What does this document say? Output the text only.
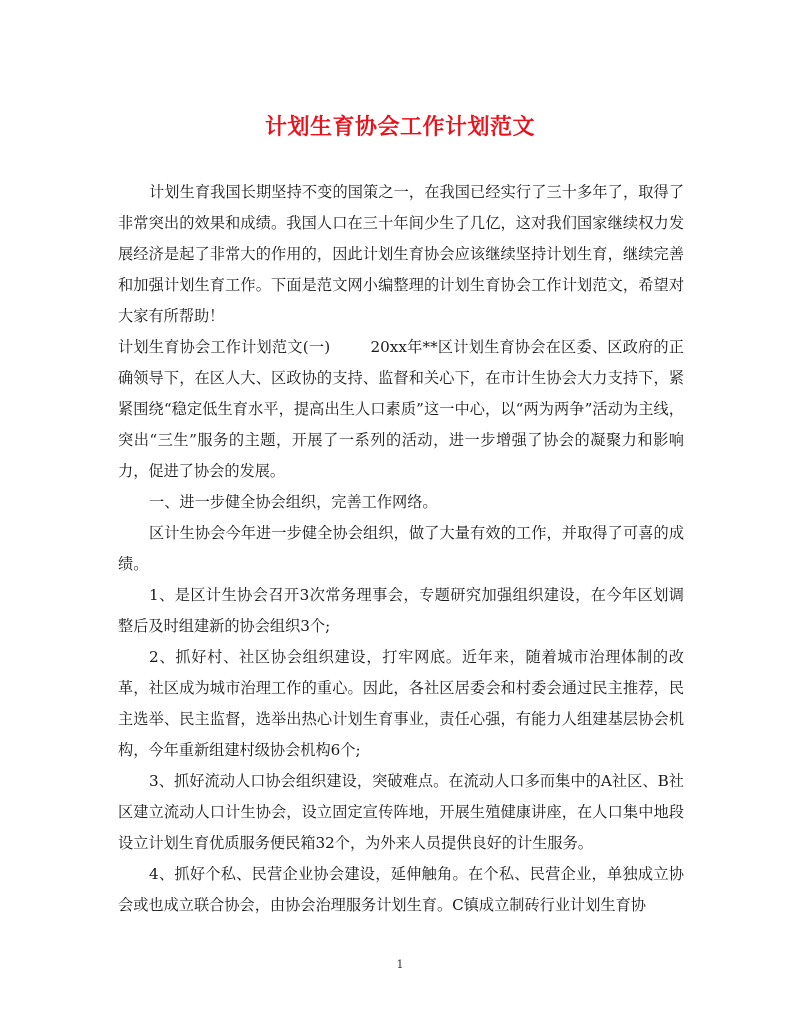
计划生育协会工作计划范文

计划生育我国长期坚持不变的国策之一，在我国已经实行了三十多年了，取得了非常突出的效果和成绩。我国人口在三十年间少生了几亿，这对我们国家继续权力发展经济是起了非常大的作用的，因此计划生育协会应该继续坚持计划生育，继续完善和加强计划生育工作。下面是范文网小编整理的计划生育协会工作计划范文，希望对大家有所帮助！

计划生育协会工作计划范文(一)	20xx年**区计划生育协会在区委、区政府的正确领导下，在区人大、区政协的支持、监督和关心下，在市计生协会大力支持下，紧紧围绕“稳定低生育水平，提高出生人口素质”这一中心，以“两为两争”活动为主线，突出“三生”服务的主题，开展了一系列的活动，进一步增强了协会的凝聚力和影响力，促进了协会的发展。

一、进一步健全协会组织，完善工作网络。

区计生协会今年进一步健全协会组织，做了大量有效的工作，并取得了可喜的成绩。

1、是区计生协会召开3次常务理事会，专题研究加强组织建设，在今年区划调整后及时组建新的协会组织3个;

2、抓好村、社区协会组织建设，打牢网底。近年来，随着城市治理体制的改革，社区成为城市治理工作的重心。因此，各社区居委会和村委会通过民主推荐，民主选举、民主监督，选举出热心计划生育事业，责任心强，有能力人组建基层协会机构，今年重新组建村级协会机构6个;

3、抓好流动人口协会组织建设，突破难点。在流动人口多而集中的A社区、B社区建立流动人口计生协会，设立固定宣传阵地，开展生殖健康讲座，在人口集中地段设立计划生育优质服务便民箱32个，为外来人员提供良好的计生服务。

4、抓好个私、民营企业协会建设，延伸触角。在个私、民营企业，单独成立协会或也成立联合协会，由协会治理服务计划生育。C镇成立制砖行业计划生育协

1
